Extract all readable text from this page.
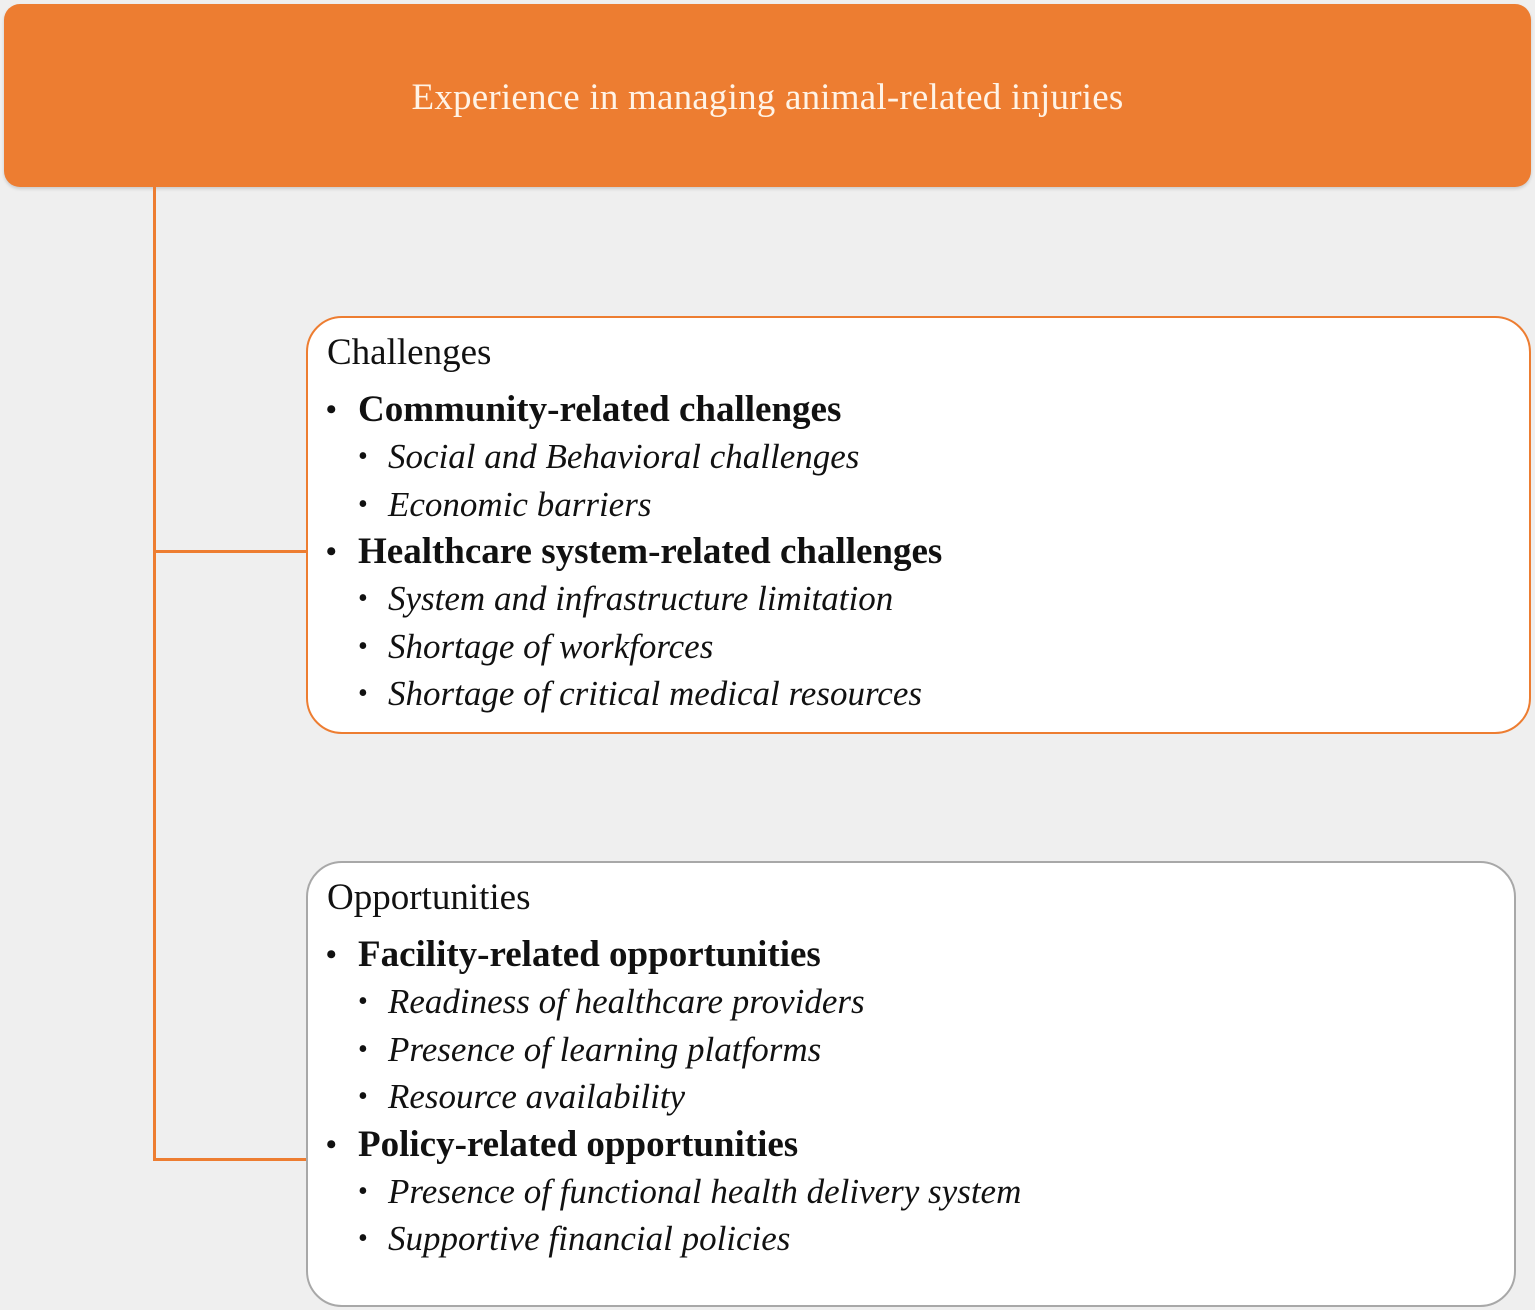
Experience in managing animal-related injuries
Challenges
• Community-related challenges
• Social and Behavioral challenges
• Economic barriers
• Healthcare system-related challenges
• System and infrastructure limitation
• Shortage of workforces
• Shortage of critical medical resources
Opportunities
• Facility-related opportunities
• Readiness of healthcare providers
• Presence of learning platforms
• Resource availability
• Policy-related opportunities
• Presence of functional health delivery system
• Supportive financial policies
